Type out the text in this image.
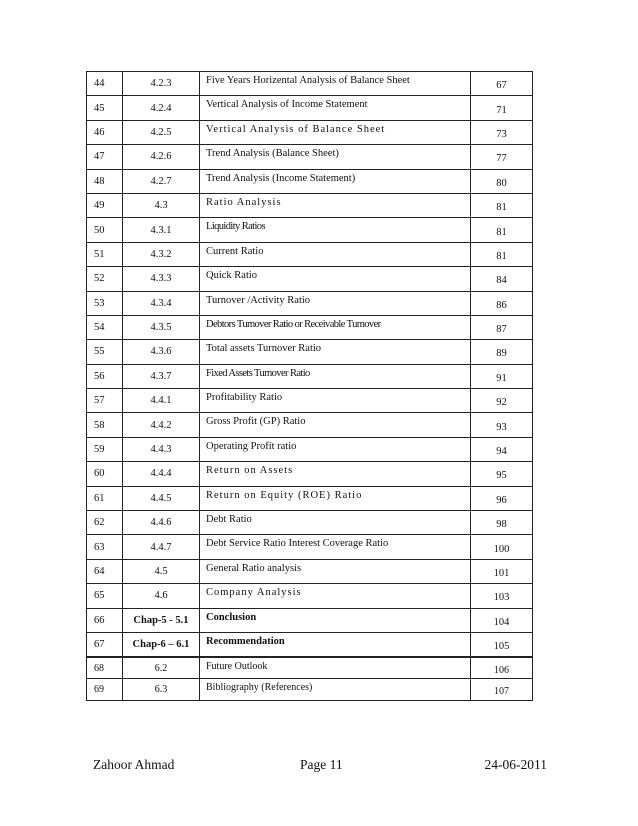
44	4.2.3	Five Years Horizental Analysis of Balance Sheet	67
45	4.2.4	Vertical Analysis of Income Statement	71
46	4.2.5	Vertical Analysis of Balance Sheet	73
47	4.2.6	Trend Analysis (Balance Sheet)	77
48	4.2.7	Trend Analysis (Income Statement)	80
49	4.3	Ratio Analysis	81
50	4.3.1	Liquidity Ratios	81
51	4.3.2	Current Ratio	81
52	4.3.3	Quick Ratio	84
53	4.3.4	Turnover /Activity Ratio	86
54	4.3.5	Debtors Turnover Ratio or Receivable Turnover	87
55	4.3.6	Total assets Turnover Ratio	89
56	4.3.7	Fixed Assets Turnover Ratio	91
57	4.4.1	Profitability Ratio	92
58	4.4.2	Gross Profit (GP) Ratio	93
59	4.4.3	Operating Profit ratio	94
60	4.4.4	Return on Assets	95
61	4.4.5	Return on Equity (ROE) Ratio	96
62	4.4.6	Debt Ratio	98
63	4.4.7	Debt Service Ratio Interest Coverage Ratio	100
64	4.5	General Ratio analysis	101
65	4.6	Company Analysis	103
66	Chap-5 - 5.1	Conclusion	104
67	Chap-6 – 6.1	Recommendation	105
68	6.2	Future Outlook	106
69	6.3	Bibliography (References)	107
Zahoor Ahmad	Page 11	24-06-2011
